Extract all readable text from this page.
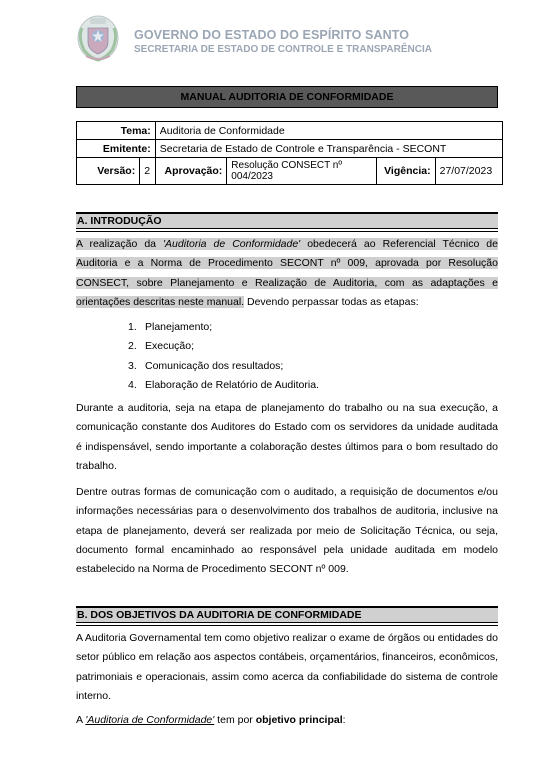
GOVERNO DO ESTADO DO ESPÍRITO SANTO
SECRETARIA DE ESTADO DE CONTROLE E TRANSPARÊNCIA
MANUAL AUDITORIA DE CONFORMIDADE
Tema:		Auditoria de Conformidade			
Emitente:		Secretaria de Estado de Controle e Transparência - SECONT			
Versão:	2	Aprovação:	Resolução CONSECT nº 004/2023	Vigência:	27/07/2023
A. INTRODUÇÃO
A realização da 'Auditoria de Conformidade' obedecerá ao Referencial Técnico de Auditoria e a Norma de Procedimento SECONT nº 009, aprovada por Resolução CONSECT, sobre Planejamento e Realização de Auditoria, com as adaptações e orientações descritas neste manual. Devendo perpassar todas as etapas:
1. Planejamento;
2. Execução;
3. Comunicação dos resultados;
4. Elaboração de Relatório de Auditoria.
Durante a auditoria, seja na etapa de planejamento do trabalho ou na sua execução, a comunicação constante dos Auditores do Estado com os servidores da unidade auditada é indispensável, sendo importante a colaboração destes últimos para o bom resultado do trabalho.
Dentre outras formas de comunicação com o auditado, a requisição de documentos e/ou informações necessárias para o desenvolvimento dos trabalhos de auditoria, inclusive na etapa de planejamento, deverá ser realizada por meio de Solicitação Técnica, ou seja, documento formal encaminhado ao responsável pela unidade auditada em modelo estabelecido na Norma de Procedimento SECONT nº 009.
B. DOS OBJETIVOS DA AUDITORIA DE CONFORMIDADE
A Auditoria Governamental tem como objetivo realizar o exame de órgãos ou entidades do setor público em relação aos aspectos contábeis, orçamentários, financeiros, econômicos, patrimoniais e operacionais, assim como acerca da confiabilidade do sistema de controle interno.
A 'Auditoria de Conformidade' tem por objetivo principal:
